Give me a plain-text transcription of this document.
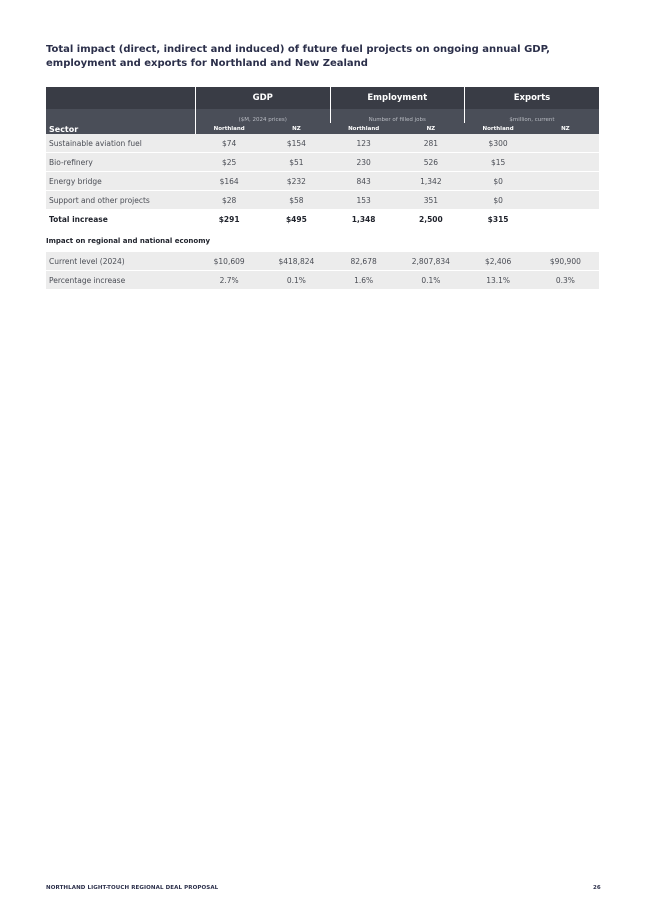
Total impact (direct, indirect and induced) of future fuel projects on ongoing annual GDP, employment and exports for Northland and New Zealand
	GDP		Employment		Exports	
Sector	($M, 2024 prices)		Number of filled jobs		$million, current	
	Northland	NZ	Northland	NZ	Northland	NZ
Sustainable aviation fuel	$74	$154	123	281	$300	
Bio-refinery	$25	$51	230	526	$15	
Energy bridge	$164	$232	843	1,342	$0	
Support and other projects	$28	$58	153	351	$0	
Total increase	$291	$495	1,348	2,500	$315	
Impact on regional and national economy						
Current level (2024)	$10,609	$418,824	82,678	2,807,834	$2,406	$90,900
Percentage increase	2.7%	0.1%	1.6%	0.1%	13.1%	0.3%
NORTHLAND LIGHT-TOUCH REGIONAL DEAL PROPOSAL	26
